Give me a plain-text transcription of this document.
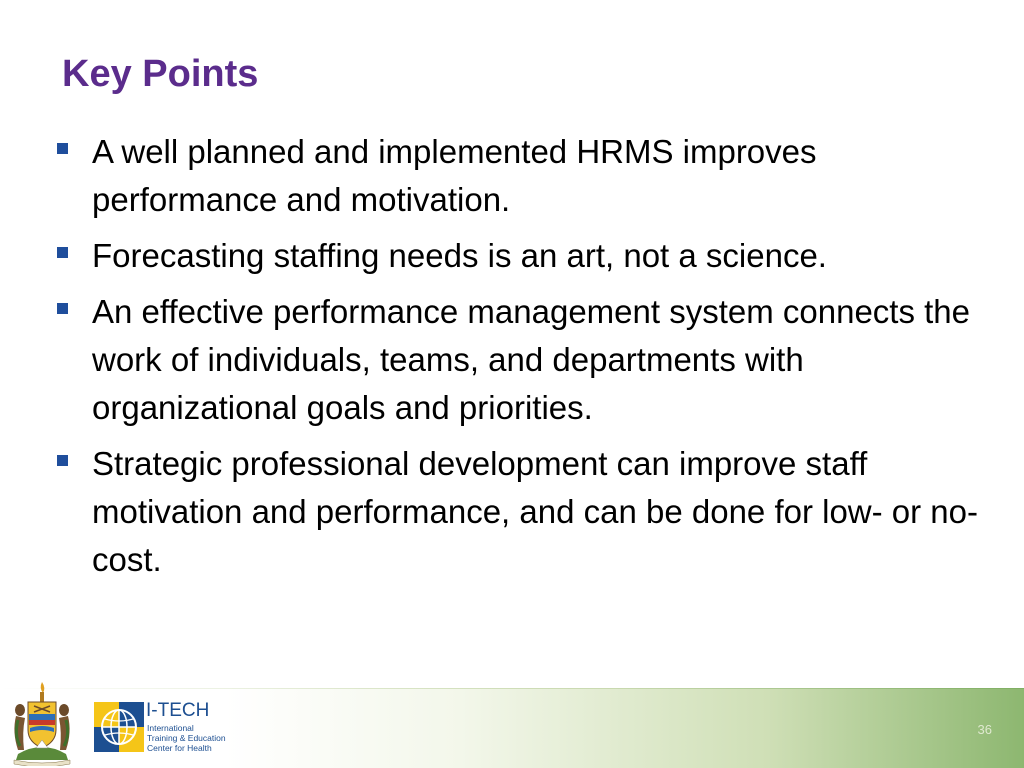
Key Points
A well planned and implemented HRMS improves performance and motivation.
Forecasting staffing needs is an art, not a science.
An effective performance management system connects the work of individuals, teams, and departments with organizational goals and priorities.
Strategic professional development can improve staff motivation and performance, and can be done for low- or no-cost.
I-TECH
International
Training & Education
Center for Health
36
